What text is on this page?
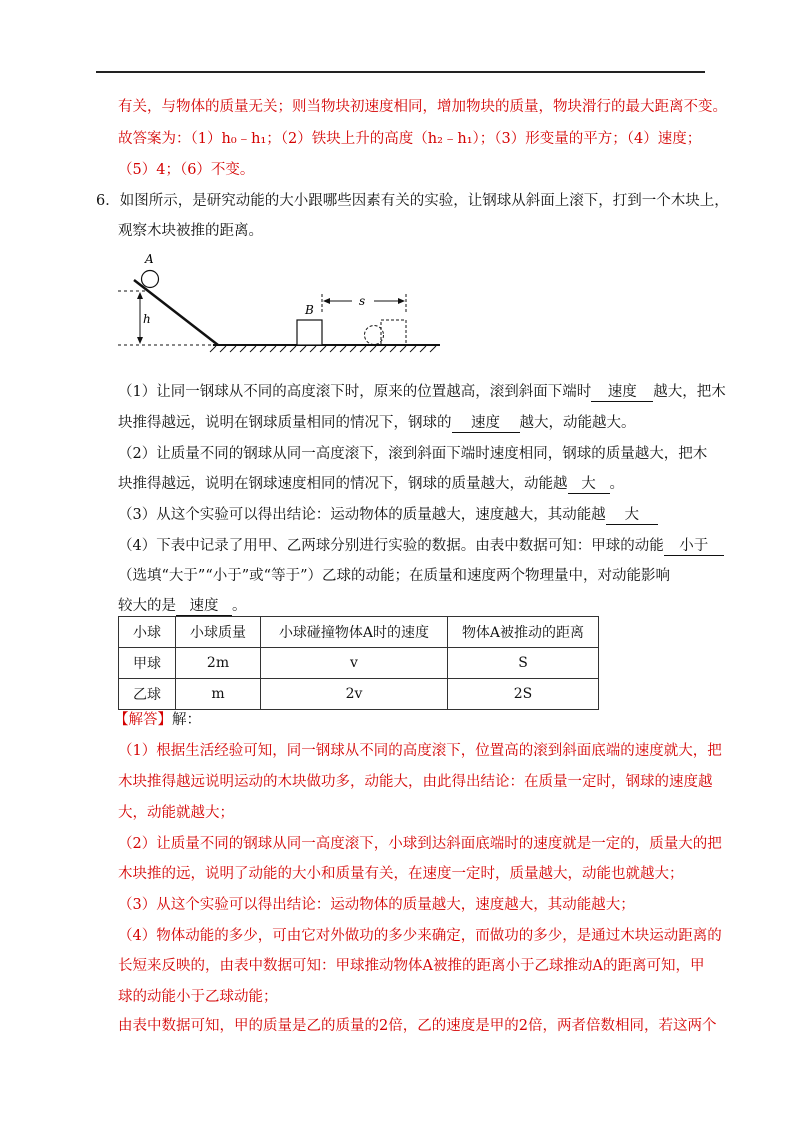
有关，与物体的质量无关；则当物块初速度相同，增加物块的质量，物块滑行的最大距离不变。
故答案为：（1）h₀﹣h₁；（2）铁块上升的高度（h₂﹣h₁）；（3）形变量的平方；（4）速度；
（5）4；（6）不变。
6．如图所示，是研究动能的大小跟哪些因素有关的实验，让钢球从斜面上滚下，打到一个木块上，
观察木块被推的距离。
h
A
B
s
（1）让同一钢球从不同的高度滚下时，原来的位置越高，滚到斜面下端时 速度 越大，把木
块推得越远，说明在钢球质量相同的情况下，钢球的 速度 越大，动能越大。
（2）让质量不同的钢球从同一高度滚下，滚到斜面下端时速度相同，钢球的质量越大，把木
块推得越远，说明在钢球速度相同的情况下，钢球的质量越大，动能越 大 。
（3）从这个实验可以得出结论：运动物体的质量越大，速度越大，其动能越 大
（4）下表中记录了用甲、乙两球分别进行实验的数据。由表中数据可知：甲球的动能 小于
（选填“大于”“小于”或“等于”）乙球的动能；在质量和速度两个物理量中，对动能影响
较大的是 速度 。
小球	小球质量	小球碰撞物体A时的速度	物体A被推动的距离
甲球	2m	v	S
乙球	m	2v	2S
【解答】解：
（1）根据生活经验可知，同一钢球从不同的高度滚下，位置高的滚到斜面底端的速度就大，把
木块推得越远说明运动的木块做功多，动能大，由此得出结论：在质量一定时，钢球的速度越
大，动能就越大；
（2）让质量不同的钢球从同一高度滚下，小球到达斜面底端时的速度就是一定的，质量大的把
木块推的远，说明了动能的大小和质量有关，在速度一定时，质量越大，动能也就越大；
（3）从这个实验可以得出结论：运动物体的质量越大，速度越大，其动能越大；
（4）物体动能的多少，可由它对外做功的多少来确定，而做功的多少，是通过木块运动距离的
长短来反映的，由表中数据可知：甲球推动物体A被推的距离小于乙球推动A的距离可知，甲
球的动能小于乙球动能；
由表中数据可知，甲的质量是乙的质量的2倍，乙的速度是甲的2倍，两者倍数相同，若这两个
